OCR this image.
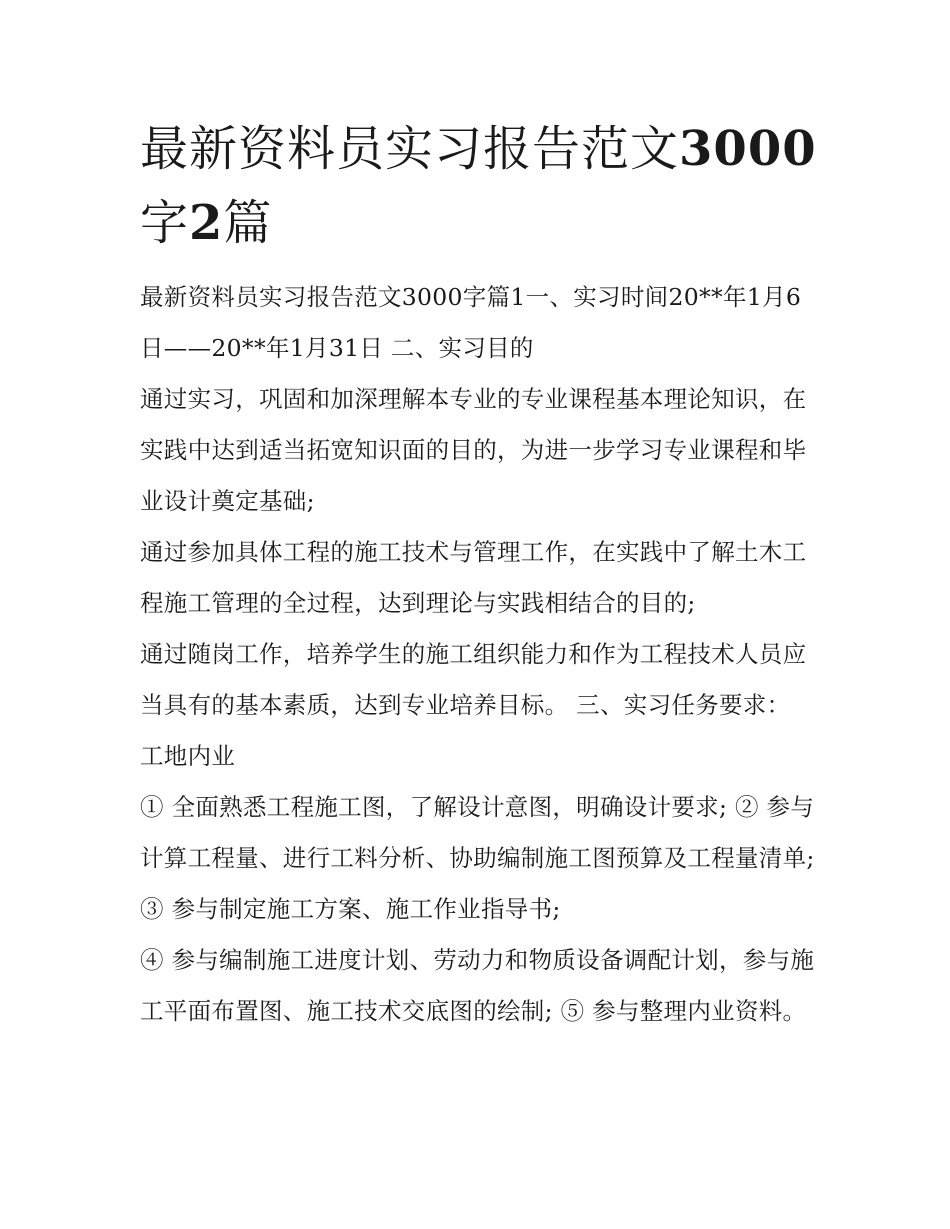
最新资料员实习报告范文3000
字2篇

最新资料员实习报告范文3000字篇1一、实习时间20**年1月6日——20**年1月31日 二、实习目的

通过实习，巩固和加深理解本专业的专业课程基本理论知识，在实践中达到适当拓宽知识面的目的，为进一步学习专业课程和毕业设计奠定基础;

通过参加具体工程的施工技术与管理工作，在实践中了解土木工程施工管理的全过程，达到理论与实践相结合的目的;

通过随岗工作，培养学生的施工组织能力和作为工程技术人员应当具有的基本素质，达到专业培养目标。 三、实习任务要求： 工地内业

① 全面熟悉工程施工图，了解设计意图，明确设计要求; ② 参与计算工程量、进行工料分析、协助编制施工图预算及工程量清单; ③ 参与制定施工方案、施工作业指导书;

④ 参与编制施工进度计划、劳动力和物质设备调配计划，参与施工平面布置图、施工技术交底图的绘制; ⑤ 参与整理内业资料。
